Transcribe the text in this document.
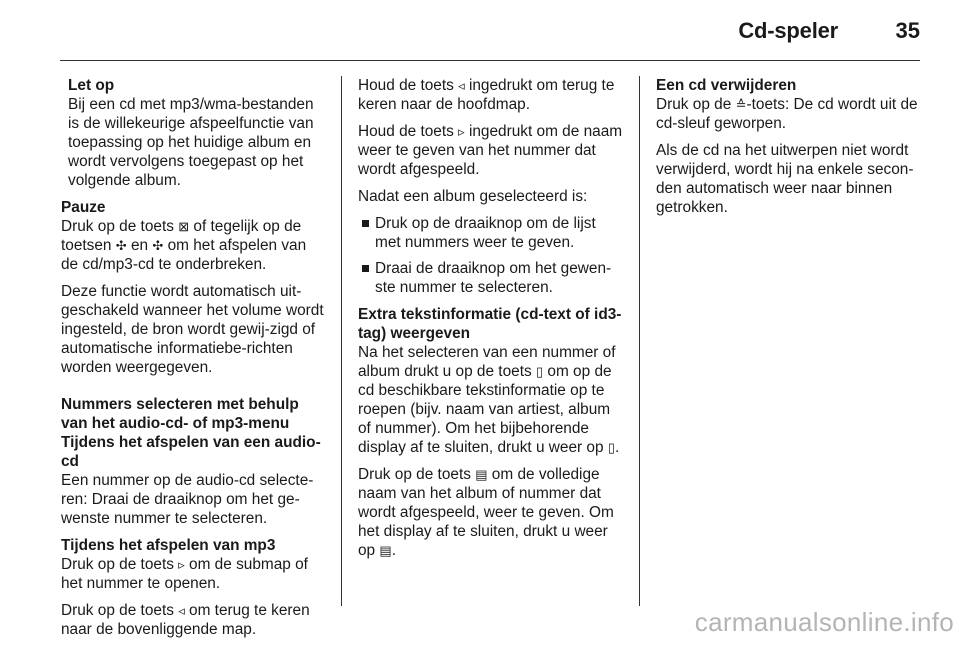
Cd-speler	35

Let op

Bij een cd met mp3/wma-bestanden is de willekeurige afspeelfunctie van toepassing op het huidige album en wordt vervolgens toegepast op het volgende album.

Pauze

Druk op de toets ⊠ of tegelijk op de toetsen ✣ en ✣ om het afspelen van de cd/mp3-cd te onderbreken.

Deze functie wordt automatisch uit-geschakeld wanneer het volume wordt ingesteld, de bron wordt gewij-zigd of automatische informatiebe-richten worden weergegeven.

Nummers selecteren met behulp van het audio-cd- of mp3-menu

Tijdens het afspelen van een audio-cd

Een nummer op de audio-cd selecte-ren: Draai de draaiknop om het ge-wenste nummer te selecteren.

Tijdens het afspelen van mp3

Druk op de toets ▹ om de submap of het nummer te openen.

Druk op de toets ◃ om terug te keren naar de bovenliggende map.

Houd de toets ◃ ingedrukt om terug te keren naar de hoofdmap.

Houd de toets ▹ ingedrukt om de naam weer te geven van het nummer dat wordt afgespeeld.

Nadat een album geselecteerd is:

Druk op de draaiknop om de lijst met nummers weer te geven.
Draai de draaiknop om het gewen-ste nummer te selecteren.

Extra tekstinformatie (cd-text of id3-tag) weergeven

Na het selecteren van een nummer of album drukt u op de toets ▯ om op de cd beschikbare tekstinformatie op te roepen (bijv. naam van artiest, album of nummer). Om het bijbehorende display af te sluiten, drukt u weer op ▯.

Druk op de toets ▤ om de volledige naam van het album of nummer dat wordt afgespeeld, weer te geven. Om het display af te sluiten, drukt u weer op ▤.

Een cd verwijderen

Druk op de ≙-toets: De cd wordt uit de cd-sleuf geworpen.

Als de cd na het uitwerpen niet wordt verwijderd, wordt hij na enkele secon-den automatisch weer naar binnen getrokken.

carmanualsonline.info
